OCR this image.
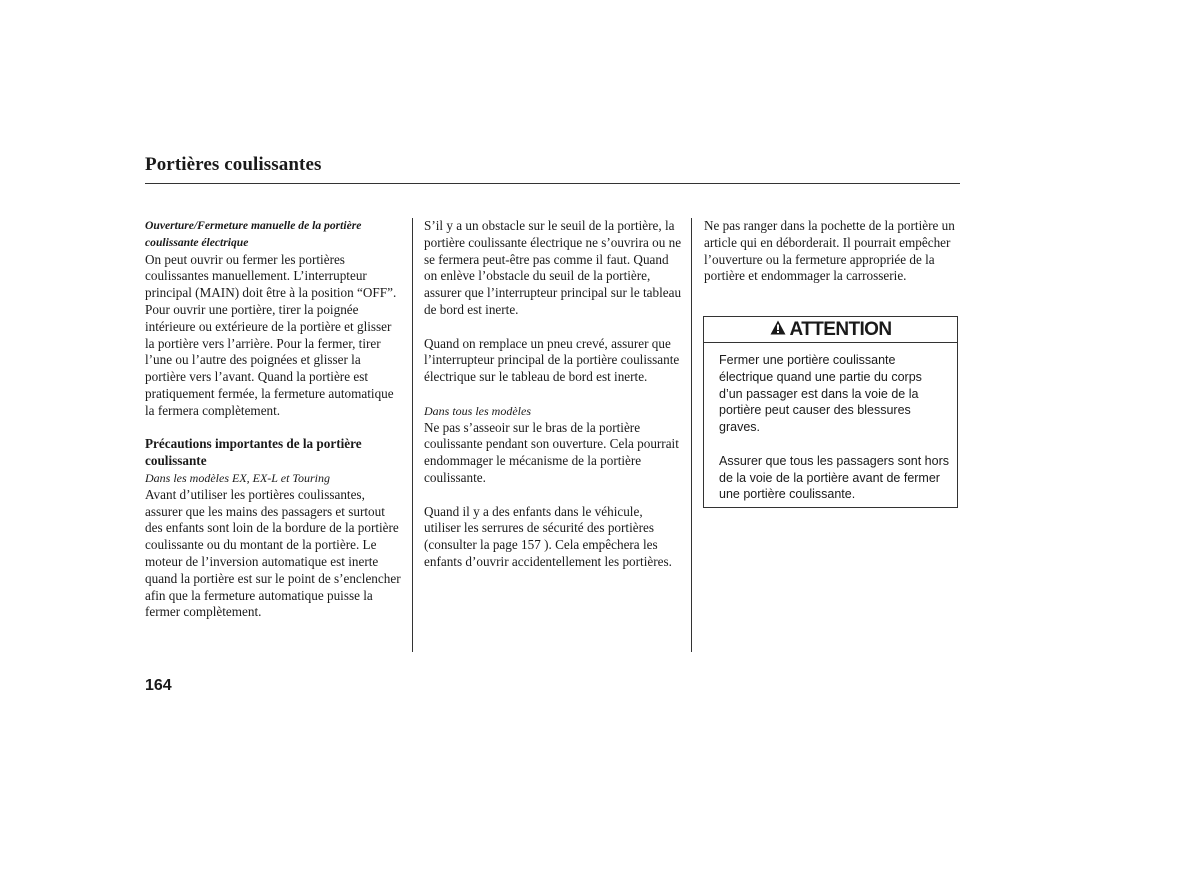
Portières coulissantes

Ouverture/Fermeture manuelle de la portière coulissante électrique

On peut ouvrir ou fermer les portières coulissantes manuellement. L’interrupteur principal (MAIN) doit être à la position “OFF”. Pour ouvrir une portière, tirer la poignée intérieure ou extérieure de la portière et glisser la portière vers l’arrière. Pour la fermer, tirer l’une ou l’autre des poignées et glisser la portière vers l’avant. Quand la portière est pratiquement fermée, la fermeture automatique la fermera complètement.

Précautions importantes de la portière coulissante

Dans les modèles EX, EX-L et Touring

Avant d’utiliser les portières coulissantes, assurer que les mains des passagers et surtout des enfants sont loin de la bordure de la portière coulissante ou du montant de la portière. Le moteur de l’inversion automatique est inerte quand la portière est sur le point de s’enclencher afin que la fermeture automatique puisse la fermer complètement.

S’il y a un obstacle sur le seuil de la portière, la portière coulissante électrique ne s’ouvrira ou ne se fermera peut-être pas comme il faut. Quand on enlève l’obstacle du seuil de la portière, assurer que l’interrupteur principal sur le tableau de bord est inerte.

Quand on remplace un pneu crevé, assurer que l’interrupteur principal de la portière coulissante électrique sur le tableau de bord est inerte.

Dans tous les modèles

Ne pas s’asseoir sur le bras de la portière coulissante pendant son ouverture. Cela pourrait endommager le mécanisme de la portière coulissante.

Quand il y a des enfants dans le véhicule, utiliser les serrures de sécurité des portières (consulter la page 157 ). Cela empêchera les enfants d’ouvrir accidentellement les portières.

Ne pas ranger dans la pochette de la portière un article qui en déborderait. Il pourrait empêcher l’ouverture ou la fermeture appropriée de la portière et endommager la carrosserie.

ATTENTION

Fermer une portière coulissante électrique quand une partie du corps d’un passager est dans la voie de la portière peut causer des blessures graves.

Assurer que tous les passagers sont hors de la voie de la portière avant de fermer une portière coulissante.

164
